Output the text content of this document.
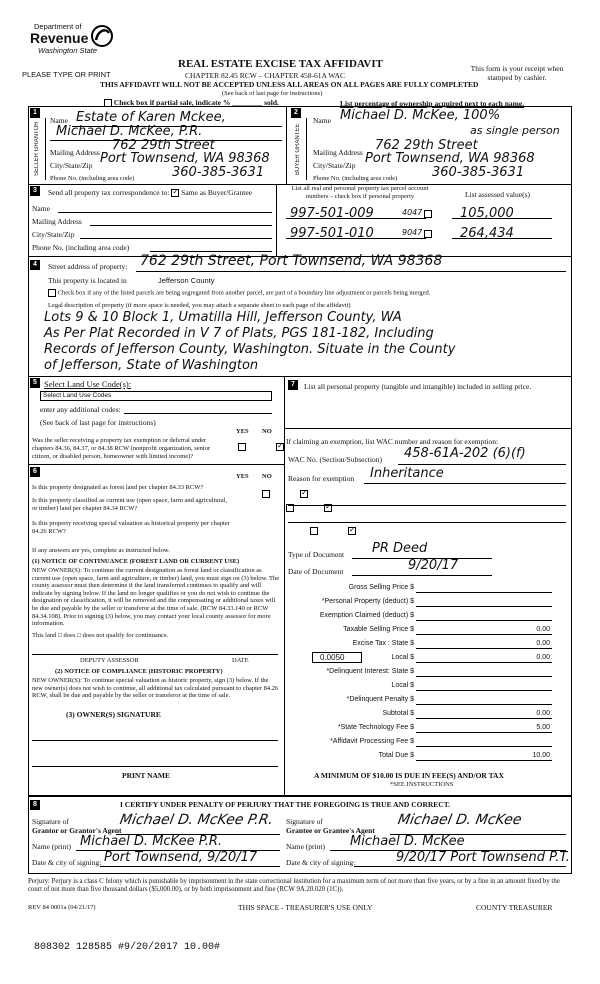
Department of
Revenue
Washington State
PLEASE TYPE OR PRINT
REAL ESTATE EXCISE TAX AFFIDAVIT
CHAPTER 82.45 RCW – CHAPTER 458-61A WAC
THIS AFFIDAVIT WILL NOT BE ACCEPTED UNLESS ALL AREAS ON ALL PAGES ARE FULLY COMPLETED
(See back of last page for instructions)
This form is your receipt when stamped by cashier.
Check box if partial sale, indicate % ________ sold.	List percentage of ownership acquired next to each name.
1
SELLER GRANTOR
Name Estate of Karen Mckee,
Michael D. McKee, P.R.
Mailing Address 762 29th Street
City/State/Zip Port Townsend, WA 98368
Phone No. (including area code)	360-385-3631
2
BUYER GRANTEE
Name Michael D. McKee, 100%
as single person
Mailing Address 762 29th Street
City/State/Zip Port Townsend, WA 98368
Phone No. (including area code)	360-385-3631
3	Send all property tax correspondence to: ✓ Same as Buyer/Grantee
Name
Mailing Address
City/State/Zip
Phone No. (including area code)
List all real and personal property tax parcel account numbers – check box if personal property	List assessed value(s)
997-501-009	4047	105,000
997-501-010	9047	264,434
4	Street address of property: 762 29th Street, Port Townsend, WA 98368
This property is located in	Jefferson County
Check box if any of the listed parcels are being segregated from another parcel, are part of a boundary line adjustment or parcels being merged.
Legal description of property (if more space is needed, you may attach a separate sheet to each page of the affidavit)
Lots 9 & 10 Block 1, Umatilla Hill, Jefferson County, WA
As Per Plat Recorded in V 7 of Plats, PGS 181-182, Including
Records of Jefferson County, Washington. Situate in the County
of Jefferson, State of Washington
5 Select Land Use Code(s):
Select Land Use Codes
enter any additional codes:
(See back of last page for instructions)
YES NO
Was the seller receiving a property tax exemption or deferral under chapters 84.36, 84.37, or 84.38 RCW (nonprofit organization, senior citizen, or disabled person, homeowner with limited income)?
✓
6
YES NO
Is this property designated as forest land per chapter 84.33 RCW?
✓
Is this property classified as current use (open space, farm and agricultural, or timber) land per chapter 84.34 RCW?
✓
Is this property receiving special valuation as historical property per chapter 84.26 RCW?
✓
If any answers are yes, complete as instructed below.
(1) NOTICE OF CONTINUANCE (FOREST LAND OR CURRENT USE)
NEW OWNER(S): To continue the current designation as forest land or classification as current use (open space, farm and agriculture, or timber) land, you must sign on (3) below. The county assessor must then determine if the land transferred continues to qualify and will indicate by signing below. If the land no longer qualifies or you do not wish to continue the designation or classification, it will be removed and the compensating or additional taxes will be due and payable by the seller or transferor at the time of sale. (RCW 84.33.140 or RCW 84.34.108). Prior to signing (3) below, you may contact your local county assessor for more information.
This land □ does □ does not qualify for continuance.
DEPUTY ASSESSOR	DATE
(2) NOTICE OF COMPLIANCE (HISTORIC PROPERTY)
NEW OWNER(S): To continue special valuation as historic property, sign (3) below. If the new owner(s) does not wish to continue, all additional tax calculated pursuant to chapter 84.26 RCW, shall be due and payable by the seller or transferor at the time of sale.
(3) OWNER(S) SIGNATURE
PRINT NAME
7	List all personal property (tangible and intangible) included in selling price.
If claiming an exemption, list WAC number and reason for exemption:
WAC No. (Section/Subsection) 458-61A-202 (6)(f)
Reason for exemption Inheritance
Type of Document PR Deed
Date of Document	9/20/17
Gross Selling Price $
*Personal Property (deduct) $
Exemption Claimed (deduct) $
Taxable Selling Price $	0.00
Excise Tax : State $	0.00
0.0050	Local $	0.00
*Delinquent Interest: State $
Local $
*Delinquent Penalty $
Subtotal $	0.00
*State Technology Fee $	5.00
*Affidavit Processing Fee $
Total Due $	10.00
A MINIMUM OF $10.00 IS DUE IN FEE(S) AND/OR TAX
*SEE INSTRUCTIONS
8	I CERTIFY UNDER PENALTY OF PERJURY THAT THE FOREGOING IS TRUE AND CORRECT.
Signature of
Grantor or Grantor's Agent
Michael D. McKee P.R.
Name (print) Michael D. McKee P.R.
Date & city of signing: Port Townsend, 9/20/17
Signature of
Grantee or Grantee's Agent
Michael D. McKee
Name (print) Michael D. McKee
Date & city of signing:	9/20/17 Port Townsend P.T.
Perjury: Perjury is a class C felony which is punishable by imprisonment in the state correctional institution for a maximum term of not more than five years, or by a fine in an amount fixed by the court of not more than five thousand dollars ($5,000.00), or by both imprisonment and fine (RCW 9A.20.020 (1C)).
REV 84 0001a (04/21/17)	THIS SPACE - TREASURER'S USE ONLY	COUNTY TREASURER
808302 128585 #9/20/2017 10.00#
